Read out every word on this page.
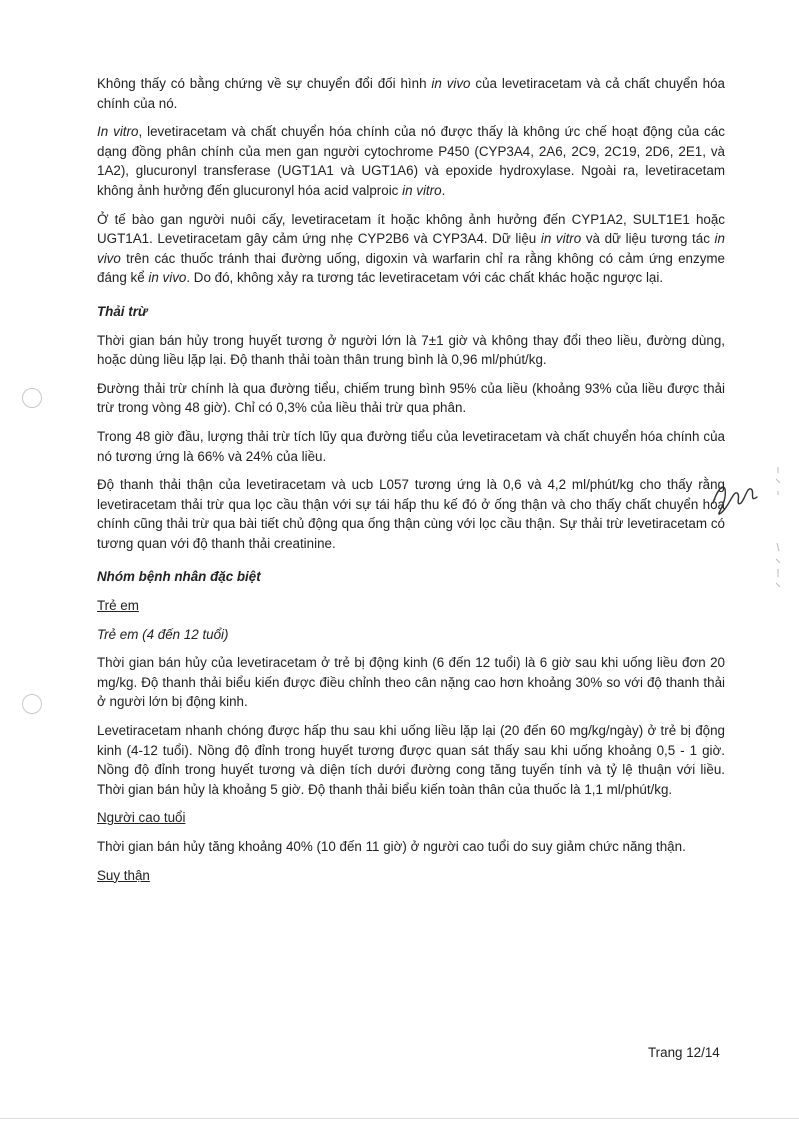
Không thấy có bằng chứng về sự chuyển đổi đối hình in vivo của levetiracetam và cả chất chuyển hóa chính của nó.

In vitro, levetiracetam và chất chuyển hóa chính của nó được thấy là không ức chế hoạt động của các dạng đồng phân chính của men gan người cytochrome P450 (CYP3A4, 2A6, 2C9, 2C19, 2D6, 2E1, và 1A2), glucuronyl transferase (UGT1A1 và UGT1A6) và epoxide hydroxylase. Ngoài ra, levetiracetam không ảnh hưởng đến glucuronyl hóa acid valproic in vitro.

Ở tế bào gan người nuôi cấy, levetiracetam ít hoặc không ảnh hưởng đến CYP1A2, SULT1E1 hoặc UGT1A1. Levetiracetam gây cảm ứng nhẹ CYP2B6 và CYP3A4. Dữ liệu in vitro và dữ liệu tương tác in vivo trên các thuốc tránh thai đường uống, digoxin và warfarin chỉ ra rằng không có cảm ứng enzyme đáng kể in vivo. Do đó, không xảy ra tương tác levetiracetam với các chất khác hoặc ngược lại.

Thải trừ

Thời gian bán hủy trong huyết tương ở người lớn là 7±1 giờ và không thay đổi theo liều, đường dùng, hoặc dùng liều lặp lại. Độ thanh thải toàn thân trung bình là 0,96 ml/phút/kg.

Đường thải trừ chính là qua đường tiểu, chiếm trung bình 95% của liều (khoảng 93% của liều được thải trừ trong vòng 48 giờ). Chỉ có 0,3% của liều thải trừ qua phân.

Trong 48 giờ đầu, lượng thải trừ tích lũy qua đường tiểu của levetiracetam và chất chuyển hóa chính của nó tương ứng là 66% và 24% của liều.

Độ thanh thải thận của levetiracetam và ucb L057 tương ứng là 0,6 và 4,2 ml/phút/kg cho thấy rằng levetiracetam thải trừ qua lọc cầu thận với sự tái hấp thu kế đó ở ống thận và cho thấy chất chuyển hóa chính cũng thải trừ qua bài tiết chủ động qua ống thận cùng với lọc cầu thận. Sự thải trừ levetiracetam có tương quan với độ thanh thải creatinine.

Nhóm bệnh nhân đặc biệt
Trẻ em
Trẻ em (4 đến 12 tuổi)

Thời gian bán hủy của levetiracetam ở trẻ bị động kinh (6 đến 12 tuổi) là 6 giờ sau khi uống liều đơn 20 mg/kg. Độ thanh thải biểu kiến được điều chỉnh theo cân nặng cao hơn khoảng 30% so với độ thanh thải ở người lớn bị động kinh.

Levetiracetam nhanh chóng được hấp thu sau khi uống liều lặp lại (20 đến 60 mg/kg/ngày) ở trẻ bị động kinh (4-12 tuổi). Nồng độ đỉnh trong huyết tương được quan sát thấy sau khi uống khoảng 0,5 - 1 giờ. Nồng độ đỉnh trong huyết tương và diện tích dưới đường cong tăng tuyến tính và tỷ lệ thuận với liều. Thời gian bán hủy là khoảng 5 giờ. Độ thanh thải biểu kiến toàn thân của thuốc là 1,1 ml/phút/kg.

Người cao tuổi

Thời gian bán hủy tăng khoảng 40% (10 đến 11 giờ) ở người cao tuổi do suy giảm chức năng thận.

Suy thận
Trang 12/14
